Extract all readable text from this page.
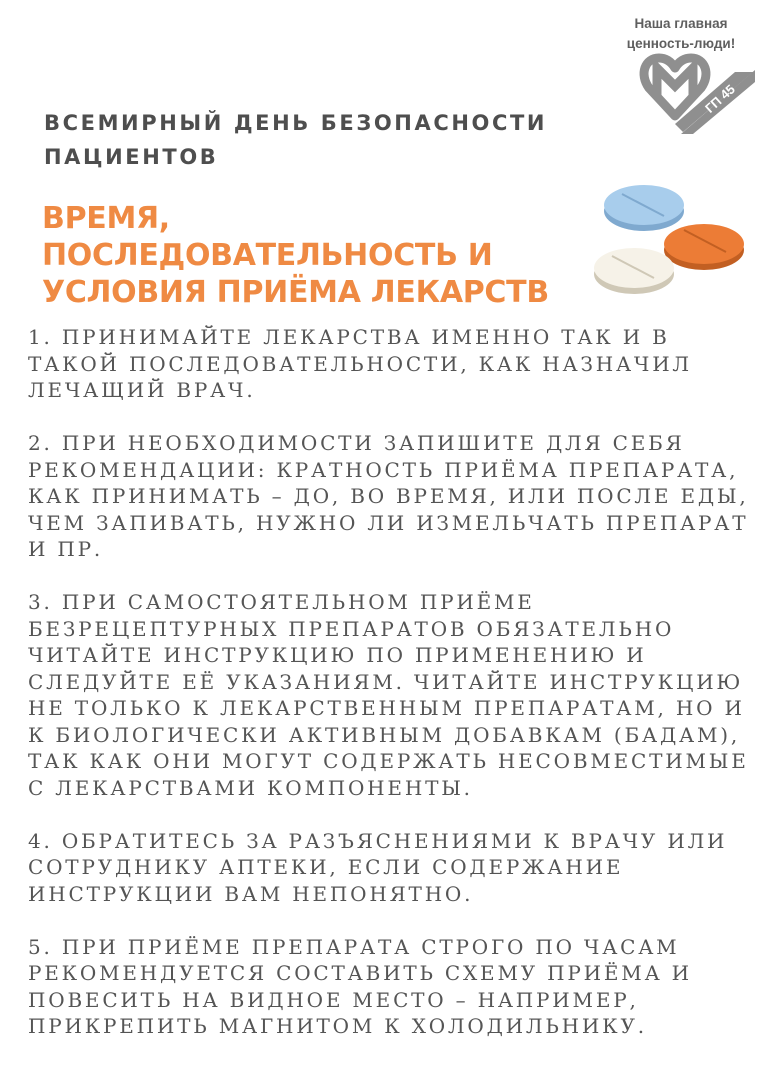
Наша главная
ценность-люди!
ГП 45
ВСЕМИРНЫЙ ДЕНЬ БЕЗОПАСНОСТИ ПАЦИЕНТОВ
ВРЕМЯ,
ПОСЛЕДОВАТЕЛЬНОСТЬ И
УСЛОВИЯ ПРИЁМА ЛЕКАРСТВ

1. ПРИНИМАЙТЕ ЛЕКАРСТВА ИМЕННО ТАК И В ТАКОЙ ПОСЛЕДОВАТЕЛЬНОСТИ, КАК НАЗНАЧИЛ ЛЕЧАЩИЙ ВРАЧ.

2. ПРИ НЕОБХОДИМОСТИ ЗАПИШИТЕ ДЛЯ СЕБЯ РЕКОМЕНДАЦИИ: КРАТНОСТЬ ПРИЁМА ПРЕПАРАТА, КАК ПРИНИМАТЬ – ДО, ВО ВРЕМЯ, ИЛИ ПОСЛЕ ЕДЫ, ЧЕМ ЗАПИВАТЬ, НУЖНО ЛИ ИЗМЕЛЬЧАТЬ ПРЕПАРАТ И ПР.

3. ПРИ САМОСТОЯТЕЛЬНОМ ПРИЁМЕ БЕЗРЕЦЕПТУРНЫХ ПРЕПАРАТОВ ОБЯЗАТЕЛЬНО ЧИТАЙТЕ ИНСТРУКЦИЮ ПО ПРИМЕНЕНИЮ И СЛЕДУЙТЕ ЕЁ УКАЗАНИЯМ. ЧИТАЙТЕ ИНСТРУКЦИЮ НЕ ТОЛЬКО К ЛЕКАРСТВЕННЫМ ПРЕПАРАТАМ, НО И К БИОЛОГИЧЕСКИ АКТИВНЫМ ДОБАВКАМ (БАДАМ), ТАК КАК ОНИ МОГУТ СОДЕРЖАТЬ НЕСОВМЕСТИМЫЕ С ЛЕКАРСТВАМИ КОМПОНЕНТЫ.

4. ОБРАТИТЕСЬ ЗА РАЗЪЯСНЕНИЯМИ К ВРАЧУ ИЛИ СОТРУДНИКУ АПТЕКИ, ЕСЛИ СОДЕРЖАНИЕ ИНСТРУКЦИИ ВАМ НЕПОНЯТНО.

5. ПРИ ПРИЁМЕ ПРЕПАРАТА СТРОГО ПО ЧАСАМ РЕКОМЕНДУЕТСЯ СОСТАВИТЬ СХЕМУ ПРИЁМА И ПОВЕСИТЬ НА ВИДНОЕ МЕСТО – НАПРИМЕР, ПРИКРЕПИТЬ МАГНИТОМ К ХОЛОДИЛЬНИКУ.
